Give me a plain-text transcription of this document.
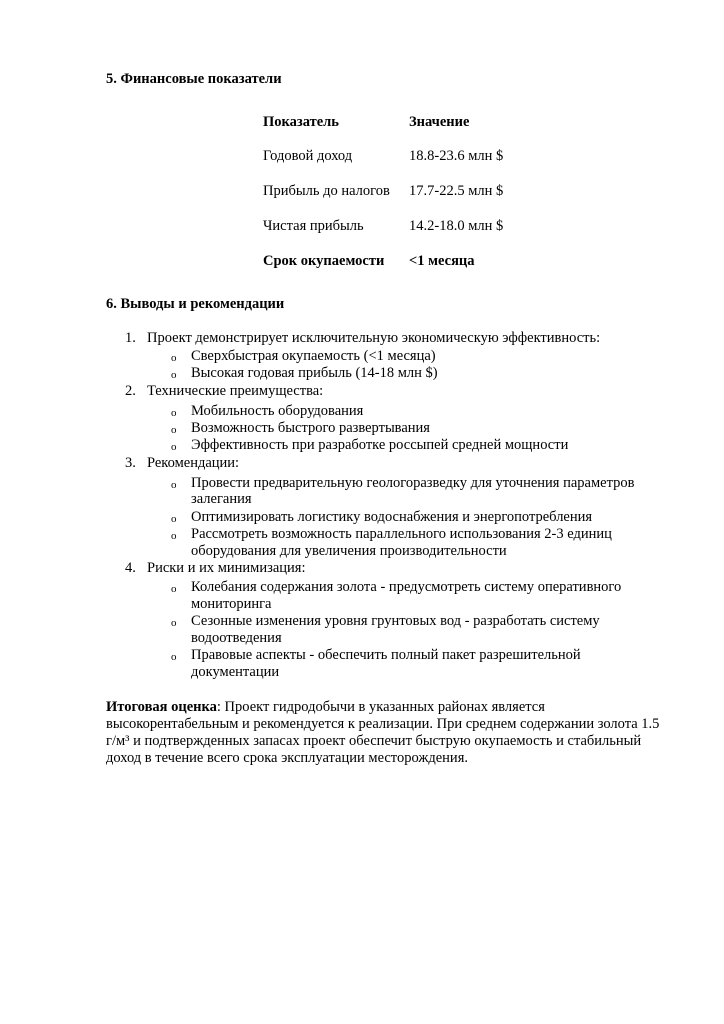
5. Финансовые показатели
Показатель	Значение
Годовой доход	18.8-23.6 млн $
Прибыль до налогов 17.7-22.5 млн $
Чистая прибыль	14.2-18.0 млн $
Срок окупаемости <1 месяца
6. Выводы и рекомендации
1. Проект демонстрирует исключительную экономическую эффективность:
o Сверхбыстрая окупаемость (<1 месяца)
o Высокая годовая прибыль (14-18 млн $)
2. Технические преимущества:
o Мобильность оборудования
o Возможность быстрого развертывания
o Эффективность при разработке россыпей средней мощности
3. Рекомендации:
o Провести предварительную геологоразведку для уточнения параметров
залегания
o Оптимизировать логистику водоснабжения и энергопотребления
o Рассмотреть возможность параллельного использования 2-3 единиц
оборудования для увеличения производительности
4. Риски и их минимизация:
o Колебания содержания золота - предусмотреть систему оперативного
мониторинга
o Сезонные изменения уровня грунтовых вод - разработать систему
водоотведения
o Правовые аспекты - обеспечить полный пакет разрешительной
документации
Итоговая оценка: Проект гидродобычи в указанных районах является
высокорентабельным и рекомендуется к реализации. При среднем содержании золота 1.5
г/м³ и подтвержденных запасах проект обеспечит быструю окупаемость и стабильный
доход в течение всего срока эксплуатации месторождения.
